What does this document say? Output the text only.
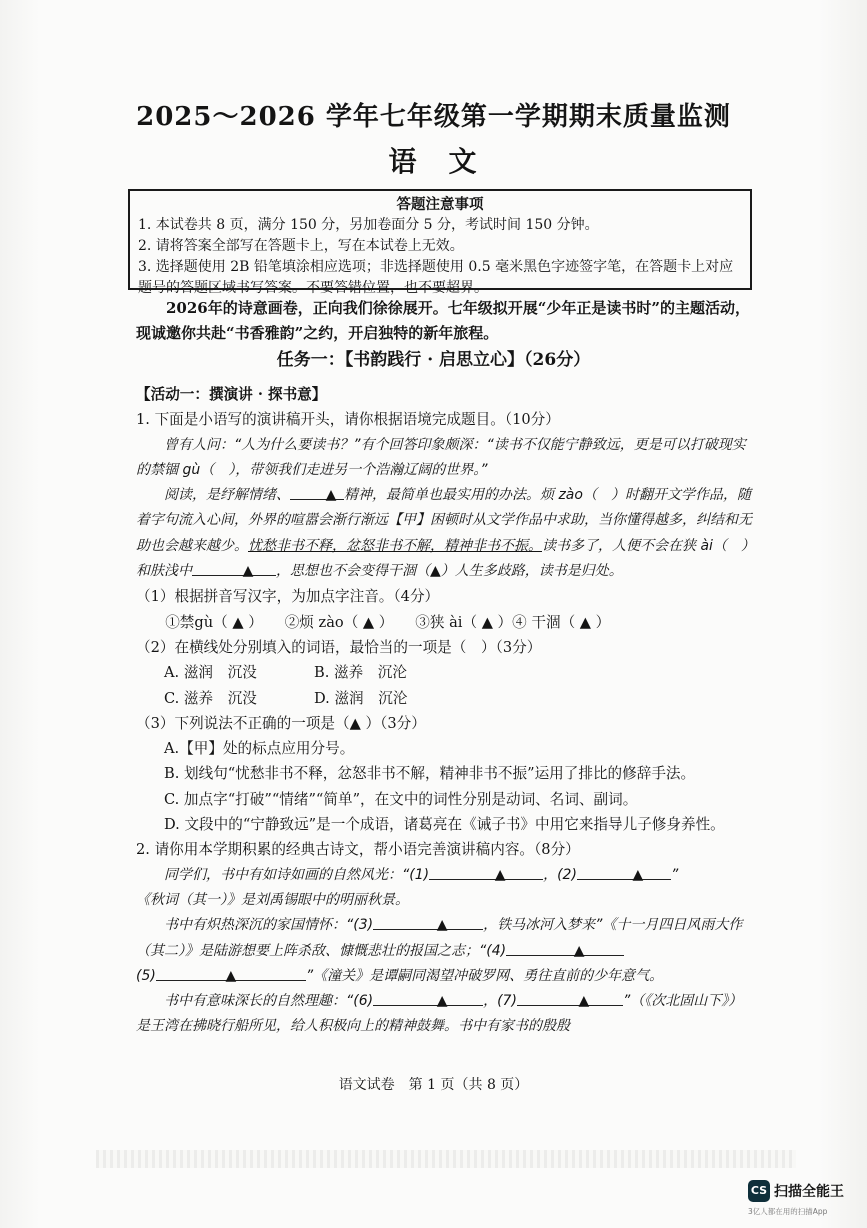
2025～2026 学年七年级第一学期期末质量监测
语　文
答题注意事项
1. 本试卷共 8 页，满分 150 分，另加卷面分 5 分，考试时间 150 分钟。
2. 请将答案全部写在答题卡上，写在本试卷上无效。
3. 选择题使用 2B 铅笔填涂相应选项；非选择题使用 0.5 毫米黑色字迹签字笔，在答题卡上对应题号的答题区域书写答案。不要答错位置，也不要超界。
2026年的诗意画卷，正向我们徐徐展开。七年级拟开展“少年正是读书时”的主题活动，现诚邀你共赴“书香雅韵”之约，开启独特的新年旅程。
任务一：【书韵践行 · 启思立心】（26分）

【活动一：撰演讲 · 探书意】

1. 下面是小语写的演讲稿开头，请你根据语境完成题目。（10分）

曾有人问：“人为什么要读书？”有个回答印象颇深：“读书不仅能宁静致远，更是可以打破现实的禁锢 gù（　），带领我们走进另一个浩瀚辽阔的世界。”

阅读，是纾解情绪、	▲ 精神，最简单也最实用的办法。烦 zào（　）时翻开文学作品，随着字句流入心间，外界的喧嚣会渐行渐远【甲】困顿时从文学作品中求助，当你懂得越多，纠结和无助也会越来越少。忧愁非书不释，忿怒非书不解，精神非书不振。读书多了，人便不会在狭 ài（　）和肤浅中	▲ ，思想也不会变得干涸（▲）人生多歧路，读书是归处。

（1）根据拼音写汉字，为加点字注音。（4分）

①禁gù（ ▲ ）　　②烦 zào（ ▲ ）　　③狭 ài（ ▲ ）④ 干涸（ ▲ ）

（2）在横线处分别填入的词语，最恰当的一项是（　）（3分）

A. 滋润　沉没	B. 滋养　沉沦

C. 滋养　沉没	D. 滋润　沉沦

（3）下列说法不正确的一项是（▲ ）（3分）

A.【甲】处的标点应用分号。

B. 划线句“忧愁非书不释，忿怒非书不解，精神非书不振”运用了排比的修辞手法。

C. 加点字“打破”“情绪”“简单”，在文中的词性分别是动词、名词、副词。

D. 文段中的“宁静致远”是一个成语，诸葛亮在《诫子书》中用它来指导儿子修身养性。

2. 请你用本学期积累的经典古诗文，帮小语完善演讲稿内容。（8分）

同学们，书中有如诗如画的自然风光：“(1)	▲	，(2)	▲ ”

《秋词（其一）》是刘禹锡眼中的明丽秋景。

书中有炽热深沉的家国情怀：“(3)	▲	，铁马冰河入梦来”《十一月四日风雨大作（其二）》是陆游想要上阵杀敌、慷慨悲壮的报国之志；“(4)	▲

(5)	▲	”《潼关》是谭嗣同渴望冲破罗网、勇往直前的少年意气。

书中有意味深长的自然理趣：“(6)	▲	，(7)	▲ ”（《次北固山下》）是王湾在拂晓行船所见，给人积极向上的精神鼓舞。书中有家书的殷殷

语文试卷　第 1 页（共 8 页）
CS 扫描全能王
3亿人都在用的扫描App
